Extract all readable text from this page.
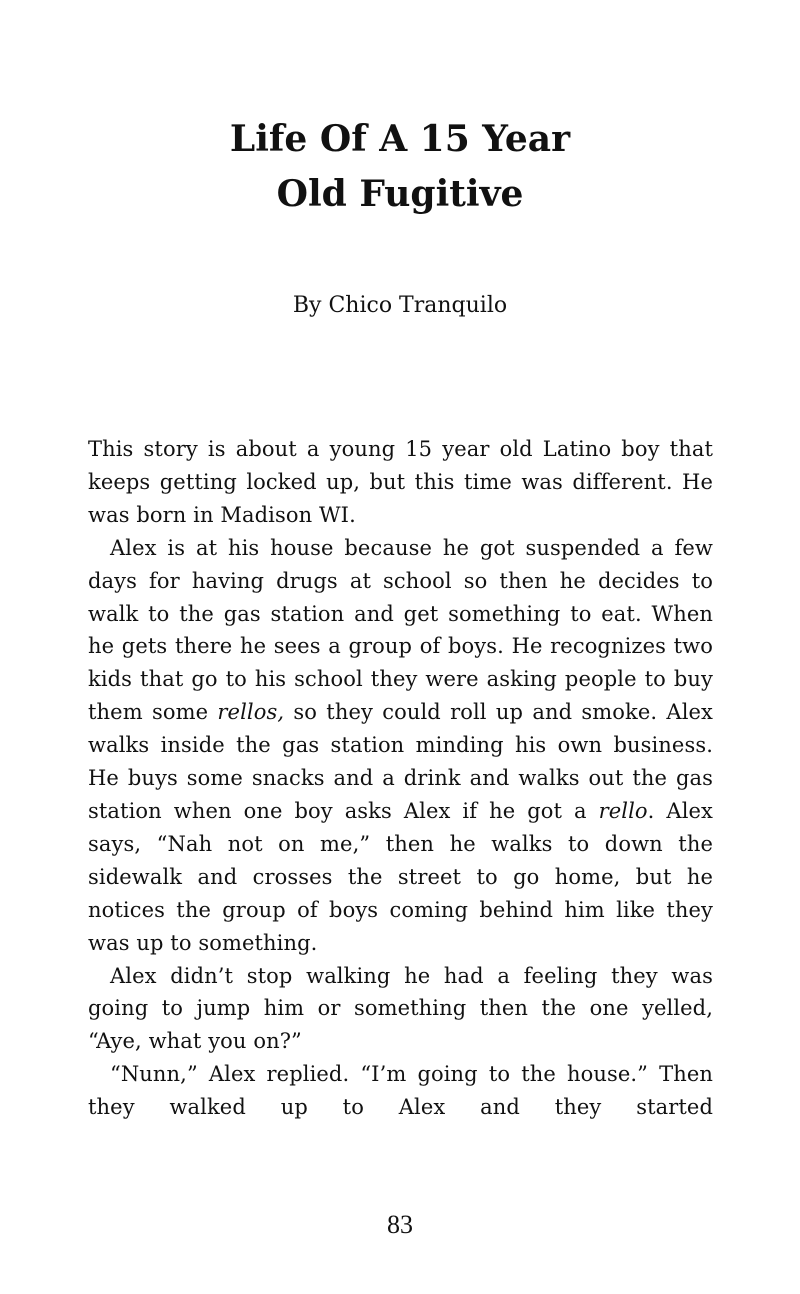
Life Of A 15 Year
Old Fugitive

By Chico Tranquilo

This story is about a young 15 year old Latino boy that keeps getting locked up, but this time was different. He was born in Madison WI.

Alex is at his house because he got suspended a few days for having drugs at school so then he decides to walk to the gas station and get something to eat. When he gets there he sees a group of boys. He recognizes two kids that go to his school they were asking people to buy them some rellos, so they could roll up and smoke. Alex walks inside the gas station minding his own business. He buys some snacks and a drink and walks out the gas station when one boy asks Alex if he got a rello. Alex says, “Nah not on me,” then he walks to down the sidewalk and crosses the street to go home, but he notices the group of boys coming behind him like they was up to something.

Alex didn’t stop walking he had a feeling they was going to jump him or something then the one yelled, “Aye, what you on?”

“Nunn,” Alex replied. “I’m going to the house.” Then they walked up to Alex and they started

83
